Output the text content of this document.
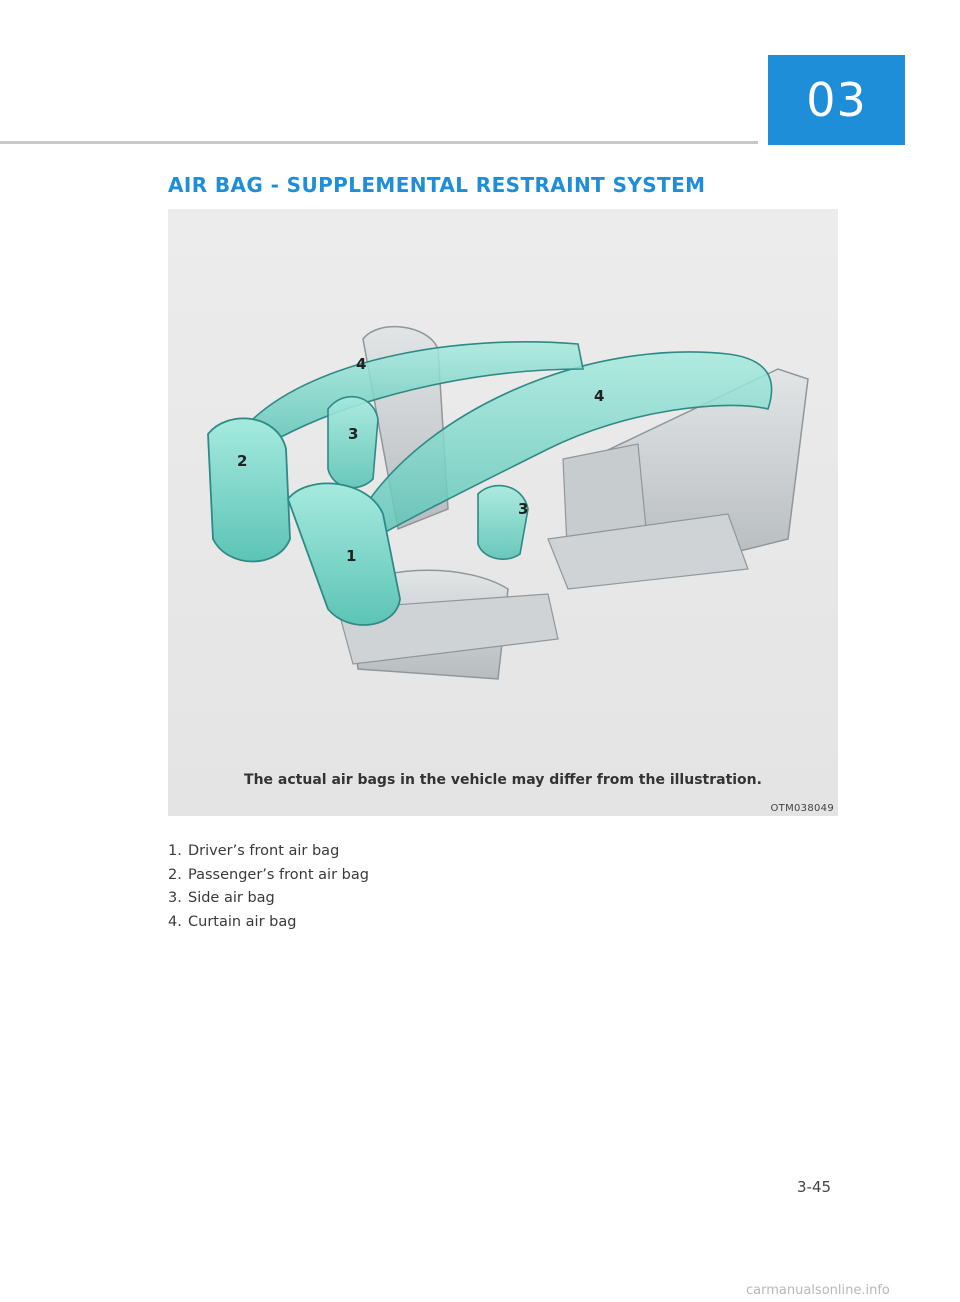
03
AIR BAG - SUPPLEMENTAL RESTRAINT SYSTEM
1
2
3
3
4
4
The actual air bags in the vehicle may differ from the illustration.
OTM038049
1. Driver’s front air bag
2. Passenger’s front air bag
3. Side air bag
4. Curtain air bag
3-45
carmanualsonline.info
